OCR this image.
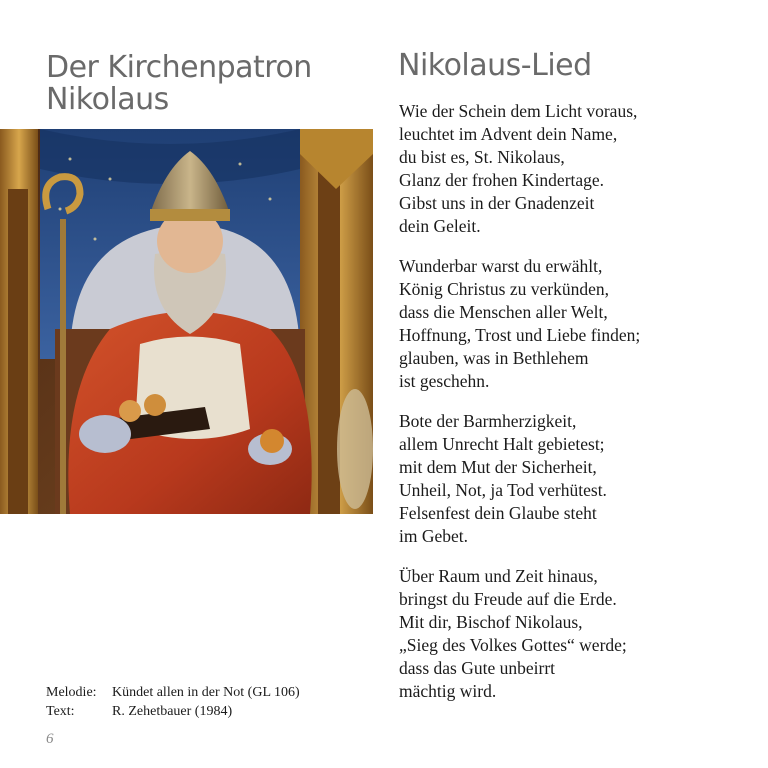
Der Kirchenpatron
Nikolaus
Melodie:	Kündet allen in der Not (GL 106)
Text:	R. Zehetbauer (1984)
6
Nikolaus-Lied
Wie der Schein dem Licht voraus,
leuchtet im Advent dein Name,
du bist es, St. Nikolaus,
Glanz der frohen Kindertage.
Gibst uns in der Gnadenzeit
dein Geleit.
Wunderbar warst du erwählt,
König Christus zu verkünden,
dass die Menschen aller Welt,
Hoffnung, Trost und Liebe finden;
glauben, was in Bethlehem
ist geschehn.
Bote der Barmherzigkeit,
allem Unrecht Halt gebietest;
mit dem Mut der Sicherheit,
Unheil, Not, ja Tod verhütest.
Felsenfest dein Glaube steht
im Gebet.
Über Raum und Zeit hinaus,
bringst du Freude auf die Erde.
Mit dir, Bischof Nikolaus,
„Sieg des Volkes Gottes“ werde;
dass das Gute unbeirrt
mächtig wird.
